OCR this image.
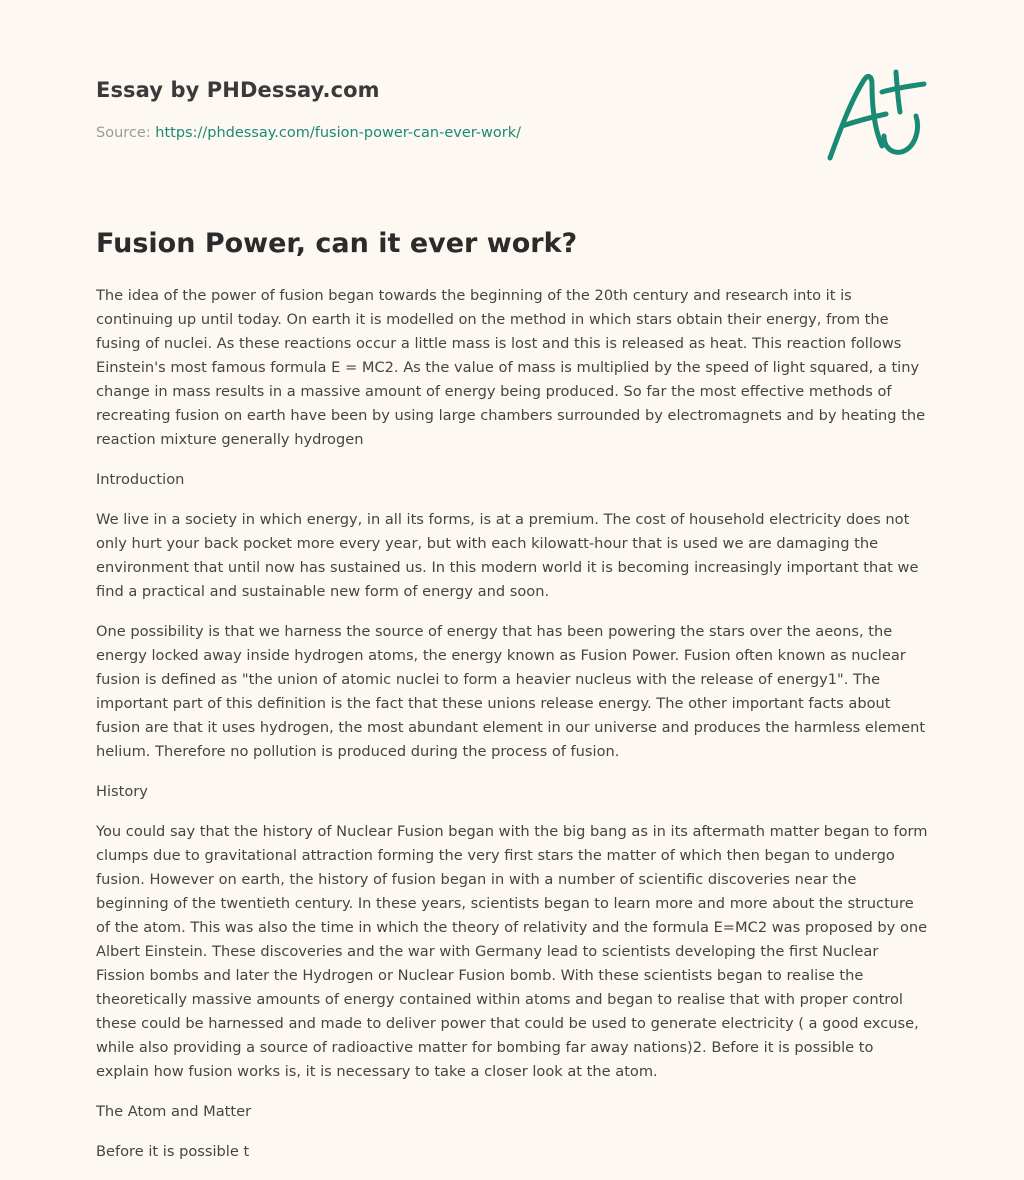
Essay by PHDessay.com
Source: https://phdessay.com/fusion-power-can-ever-work/
Fusion Power, can it ever work?

The idea of the power of fusion began towards the beginning of the 20th century and research into it is continuing up until today. On earth it is modelled on the method in which stars obtain their energy, from the fusing of nuclei. As these reactions occur a little mass is lost and this is released as heat. This reaction follows Einstein's most famous formula E = MC2. As the value of mass is multiplied by the speed of light squared, a tiny change in mass results in a massive amount of energy being produced. So far the most effective methods of recreating fusion on earth have been by using large chambers surrounded by electromagnets and by heating the reaction mixture generally hydrogen

Introduction

We live in a society in which energy, in all its forms, is at a premium. The cost of household electricity does not only hurt your back pocket more every year, but with each kilowatt-hour that is used we are damaging the environment that until now has sustained us. In this modern world it is becoming increasingly important that we find a practical and sustainable new form of energy and soon.

One possibility is that we harness the source of energy that has been powering the stars over the aeons, the energy locked away inside hydrogen atoms, the energy known as Fusion Power. Fusion often known as nuclear fusion is defined as "the union of atomic nuclei to form a heavier nucleus with the release of energy1". The important part of this definition is the fact that these unions release energy. The other important facts about fusion are that it uses hydrogen, the most abundant element in our universe and produces the harmless element helium. Therefore no pollution is produced during the process of fusion.

History

You could say that the history of Nuclear Fusion began with the big bang as in its aftermath matter began to form clumps due to gravitational attraction forming the very first stars the matter of which then began to undergo fusion. However on earth, the history of fusion began in with a number of scientific discoveries near the beginning of the twentieth century. In these years, scientists began to learn more and more about the structure of the atom. This was also the time in which the theory of relativity and the formula E=MC2 was proposed by one Albert Einstein. These discoveries and the war with Germany lead to scientists developing the first Nuclear Fission bombs and later the Hydrogen or Nuclear Fusion bomb. With these scientists began to realise the theoretically massive amounts of energy contained within atoms and began to realise that with proper control these could be harnessed and made to deliver power that could be used to generate electricity ( a good excuse, while also providing a source of radioactive matter for bombing far away nations)2. Before it is possible to explain how fusion works is, it is necessary to take a closer look at the atom.

The Atom and Matter

Before it is possible t
